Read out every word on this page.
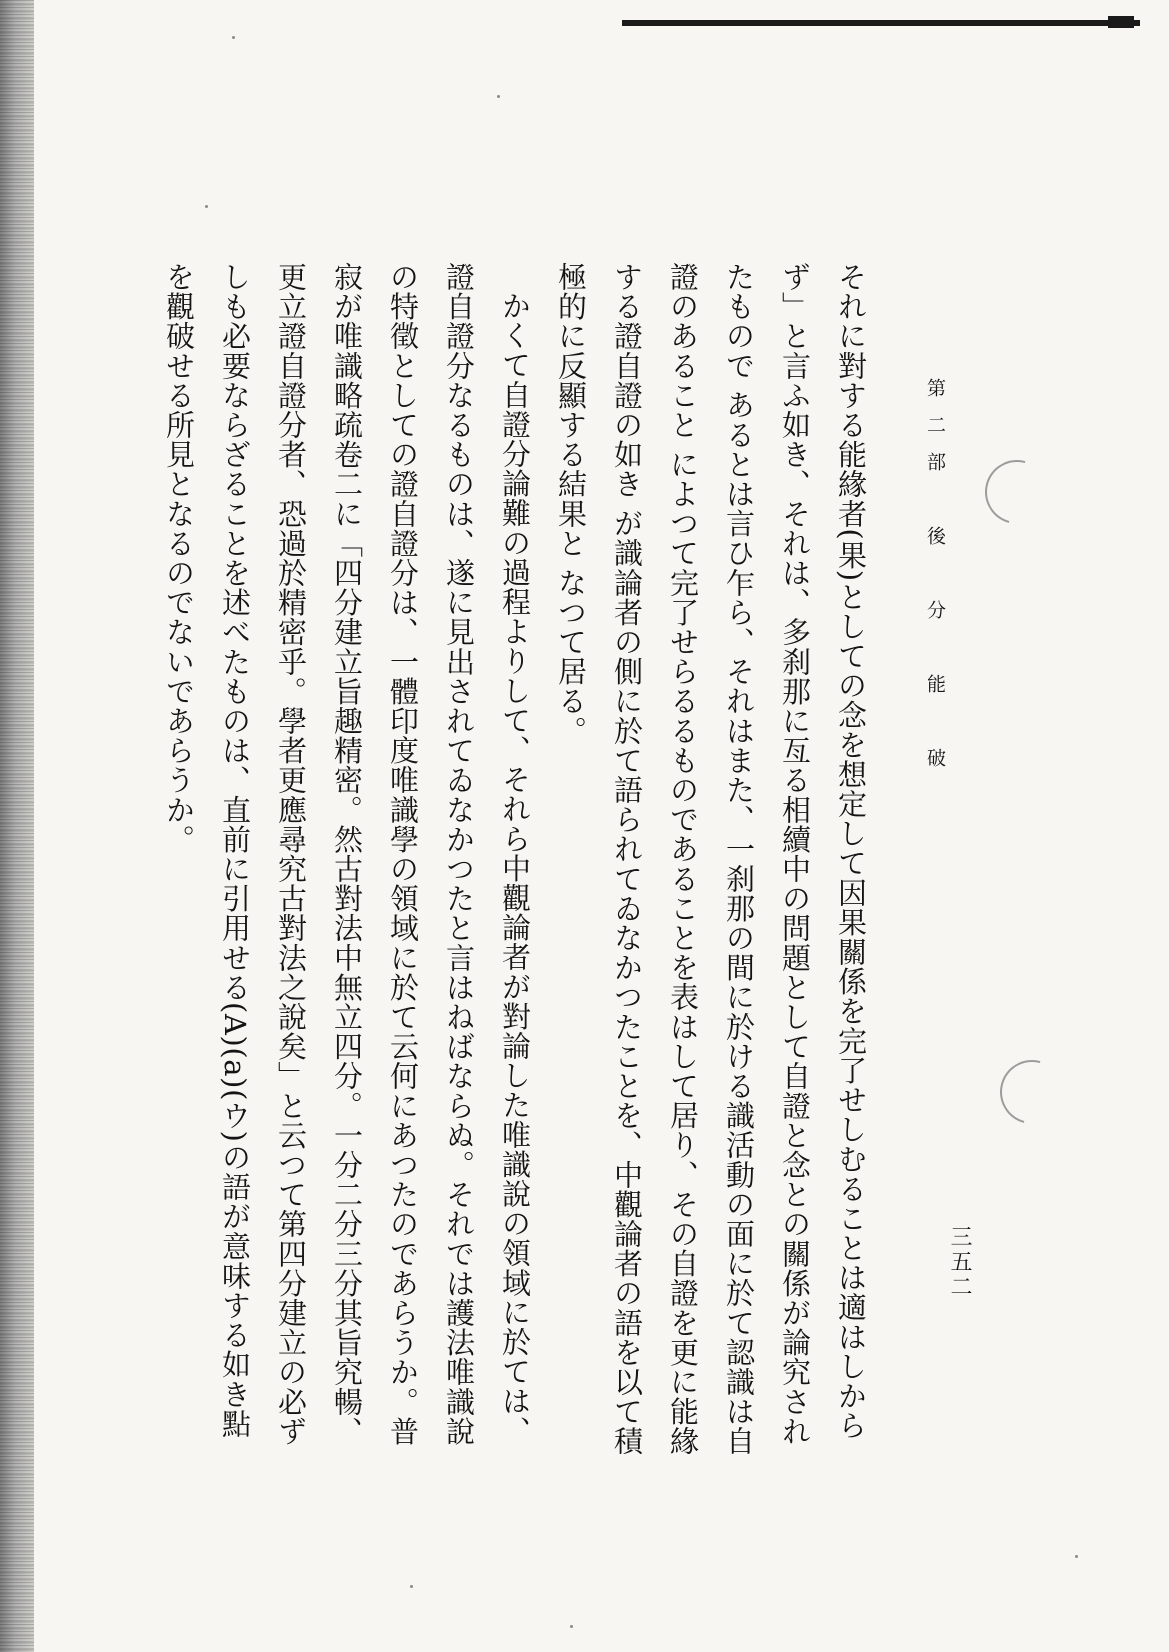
第二部　後　分　能　破
三五二

それに對する能緣者(果)としての念を想定して因果關係を完了せしむることは適はしからず」と言ふ如き、それは、多刹那に亙る相續中の問題として自證と念との關係が論究されたもので あるとは言ひ乍ら、それはまた、一刹那の間に於ける識活動の面に於て認識は自證のあること によつて完了せらるるものであることを表はして居り、その自證を更に能緣する證自證の如き が識論者の側に於て語られてゐなかつたことを、中觀論者の語を以て積極的に反顯する結果と なつて居る。

かくて自證分論難の過程よりして、それら中觀論者が對論した唯識說の領域に於ては、證自證分なるものは、遂に見出されてゐなかつたと言はねばならぬ。それでは護法唯識說の特徵としての證自證分は、一體印度唯識學の領域に於て云何にあつたのであらうか。普寂が唯識略疏卷二に「四分建立旨趣精密。然古對法中無立四分。一分二分三分其旨究暢、更立證自證分者、恐過於精密乎。學者更應尋究古對法之說矣」と云つて第四分建立の必ずしも必要ならざることを述べたものは、直前に引用せる(A)(a)(ウ)の語が意味する如き點を觀破せる所見となるのでないであらうか。
